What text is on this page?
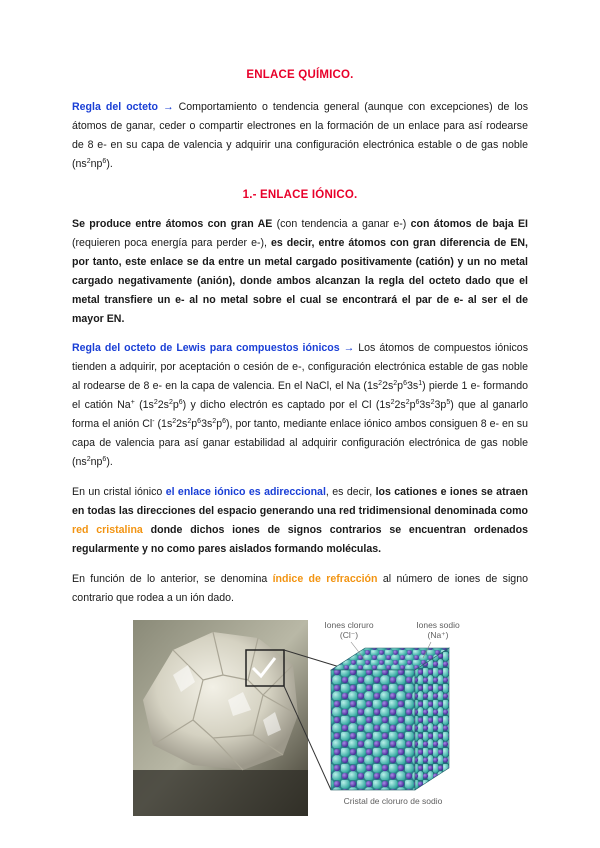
ENLACE QUÍMICO.

Regla del octeto → Comportamiento o tendencia general (aunque con excepciones) de los átomos de ganar, ceder o compartir electrones en la formación de un enlace para así rodearse de 8 e- en su capa de valencia y adquirir una configuración electrónica estable o de gas noble $(ns^2np^6)$.

1.- ENLACE IÓNICO.

Se produce entre átomos con gran AE (con tendencia a ganar e-) con átomos de baja EI (requieren poca energía para perder e-), es decir, entre átomos con gran diferencia de EN, por tanto, este enlace se da entre un metal cargado positivamente (catión) y un no metal cargado negativamente (anión), donde ambos alcanzan la regla del octeto dado que el metal transfiere un e- al no metal sobre el cual se encontrará el par de e- al ser el de mayor EN.

Regla del octeto de Lewis para compuestos iónicos → Los átomos de compuestos iónicos tienden a adquirir, por aceptación o cesión de e-, configuración electrónica estable de gas noble al rodearse de 8 e- en la capa de valencia. En el NaCl, el Na $(1s^22s^2p^63s^1)$ pierde 1 e- formando el catión Na+ $(1s^22s^2p^6)$ y dicho electrón es captado por el Cl $(1s^22s^2p^63s^23p^5)$ que al ganarlo forma el anión Cl- $(1s^22s^2p^63s^2p^6)$, por tanto, mediante enlace iónico ambos consiguen 8 e- en su capa de valencia para así ganar estabilidad al adquirir configuración electrónica de gas noble $(ns^2np^6)$.

En un cristal iónico el enlace iónico es adireccional, es decir, los cationes e iones se atraen en todas las direcciones del espacio generando una red tridimensional denominada como red cristalina donde dichos iones de signos contrarios se encuentran ordenados regularmente y no como pares aislados formando moléculas.

En función de lo anterior, se denomina índice de refracción al número de iones de signo contrario que rodea a un ión dado.

Iones cloruro
(Cl⁻)
Iones sodio
(Na⁺)
Cristal de cloruro de sodio
